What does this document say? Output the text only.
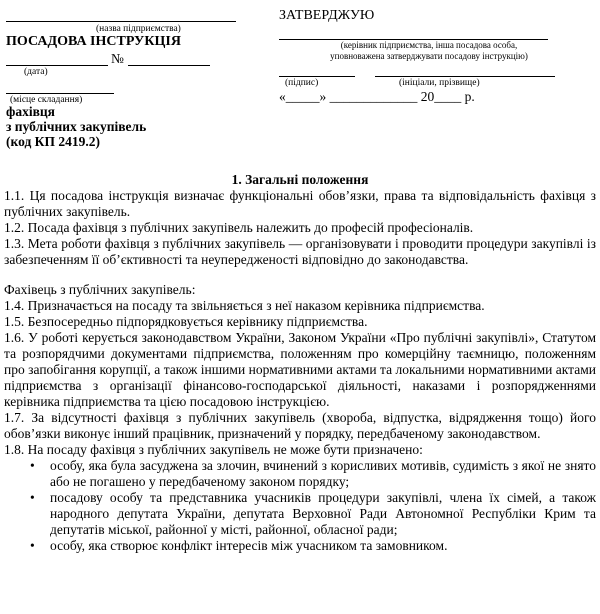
(назва підприємства)
ПОСАДОВА ІНСТРУКЦІЯ
№
(дата)
(місце складання)
фахівця
з публічних закупівель
(код КП 2419.2)
ЗАТВЕРДЖУЮ
(керівник підприємства, інша посадова особа,
уповноважена затверджувати посадову інструкцію)
(підпис)	(ініціали, прізвище)
«_____» _____________ 20____ р.

1. Загальні положення

1.1. Ця посадова інструкція визначає функціональні обов’язки, права та відповідальність фахівця з публічних закупівель.

1.2. Посада фахівця з публічних закупівель належить до професій професіоналів.

1.3. Мета роботи фахівця з публічних закупівель — організовувати і проводити процедури закупівлі із забезпеченням її об’єктивності та неупередженості відповідно до законодавства.

Фахівець з публічних закупівель:

1.4. Призначається на посаду та звільняється з неї наказом керівника підприємства.

1.5. Безпосередньо підпорядковується керівнику підприємства.

1.6. У роботі керується законодавством України, Законом України «Про публічні закупівлі», Статутом та розпорядчими документами підприємства, положенням про комерційну таємницю, положенням про запобігання корупції, а також іншими нормативними актами та локальними нормативними актами підприємства з організації фінансово-господарської діяльності, наказами і розпорядженнями керівника підприємства та цією посадовою інструкцією.

1.7. За відсутності фахівця з публічних закупівель (хвороба, відпустка, відрядження тощо) його обов’язки виконує інший працівник, призначений у порядку, передбаченому законодавством.

1.8. На посаду фахівця з публічних закупівель не може бути призначено:

• особу, яка була засуджена за злочин, вчинений з корисливих мотивів, судимість з якої не знято або не погашено у передбаченому законом порядку;
• посадову особу та представника учасників процедури закупівлі, члена їх сімей, а також народного депутата України, депутата Верховної Ради Автономної Республіки Крим та депутатів міської, районної у місті, районної, обласної ради;
• особу, яка створює конфлікт інтересів між учасником та замовником.
